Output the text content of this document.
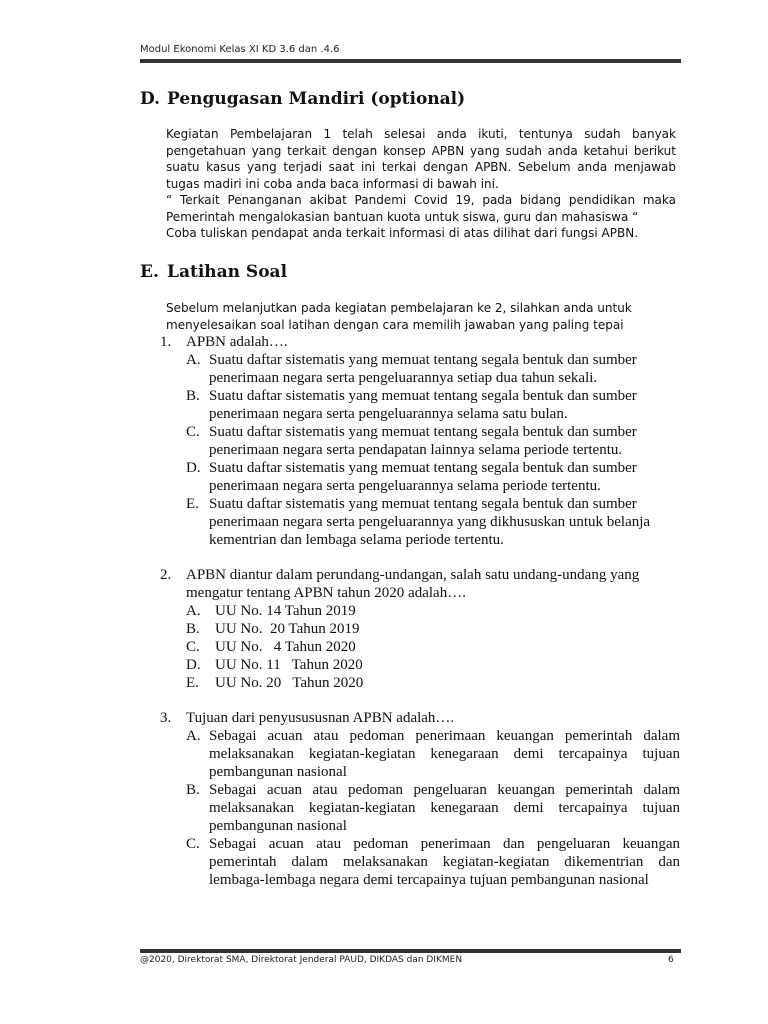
Modul Ekonomi Kelas XI KD 3.6 dan .4.6
D. Pengugasan Mandiri (optional)

Kegiatan Pembelajaran 1 telah selesai anda ikuti, tentunya sudah banyak pengetahuan yang terkait dengan konsep APBN yang sudah anda ketahui berikut suatu kasus yang terjadi saat ini terkai dengan APBN. Sebelum anda menjawab tugas madiri ini coba anda baca informasi di bawah ini.

“ Terkait Penanganan akibat Pandemi Covid 19, pada bidang pendidikan maka Pemerintah mengalokasian bantuan kuota untuk siswa, guru dan mahasiswa “

Coba tuliskan pendapat anda terkait informasi di atas dilihat dari fungsi APBN.

E. Latihan Soal
Sebelum melanjutkan pada kegiatan pembelajaran ke 2, silahkan anda untuk menyelesaikan soal latihan dengan cara memilih jawaban yang paling tepai
1. APBN adalah….
A. Suatu daftar sistematis yang memuat tentang segala bentuk dan sumber penerimaan negara serta pengeluarannya setiap dua tahun sekali.
B. Suatu daftar sistematis yang memuat tentang segala bentuk dan sumber penerimaan negara serta pengeluarannya selama satu bulan.
C. Suatu daftar sistematis yang memuat tentang segala bentuk dan sumber penerimaan negara serta pendapatan lainnya selama periode tertentu.
D. Suatu daftar sistematis yang memuat tentang segala bentuk dan sumber penerimaan negara serta pengeluarannya selama periode tertentu.
E. Suatu daftar sistematis yang memuat tentang segala bentuk dan sumber penerimaan negara serta pengeluarannya yang dikhususkan untuk belanja kementrian dan lembaga selama periode tertentu.
2. APBN diantur dalam perundang-undangan, salah satu undang-undang yang mengatur tentang APBN tahun 2020 adalah….
A. UU No. 14 Tahun 2019
B.	UU No.  20 Tahun 2019
C.	UU No.   4 Tahun 2020
D. UU No. 11   Tahun 2020
E.	UU No. 20   Tahun 2020
3. Tujuan dari penyusususnan APBN adalah….
A. Sebagai acuan atau pedoman penerimaan keuangan pemerintah dalam melaksanakan kegiatan-kegiatan kenegaraan demi tercapainya tujuan pembangunan nasional
B. Sebagai acuan atau pedoman pengeluaran keuangan pemerintah dalam melaksanakan kegiatan-kegiatan kenegaraan demi tercapainya tujuan pembangunan nasional
C. Sebagai acuan atau pedoman penerimaan dan pengeluaran keuangan pemerintah dalam melaksanakan kegiatan-kegiatan dikementrian dan lembaga-lembaga negara demi tercapainya tujuan pembangunan nasional
@2020, Direktorat SMA, Direktorat Jenderal PAUD, DIKDAS dan DIKMEN	6
